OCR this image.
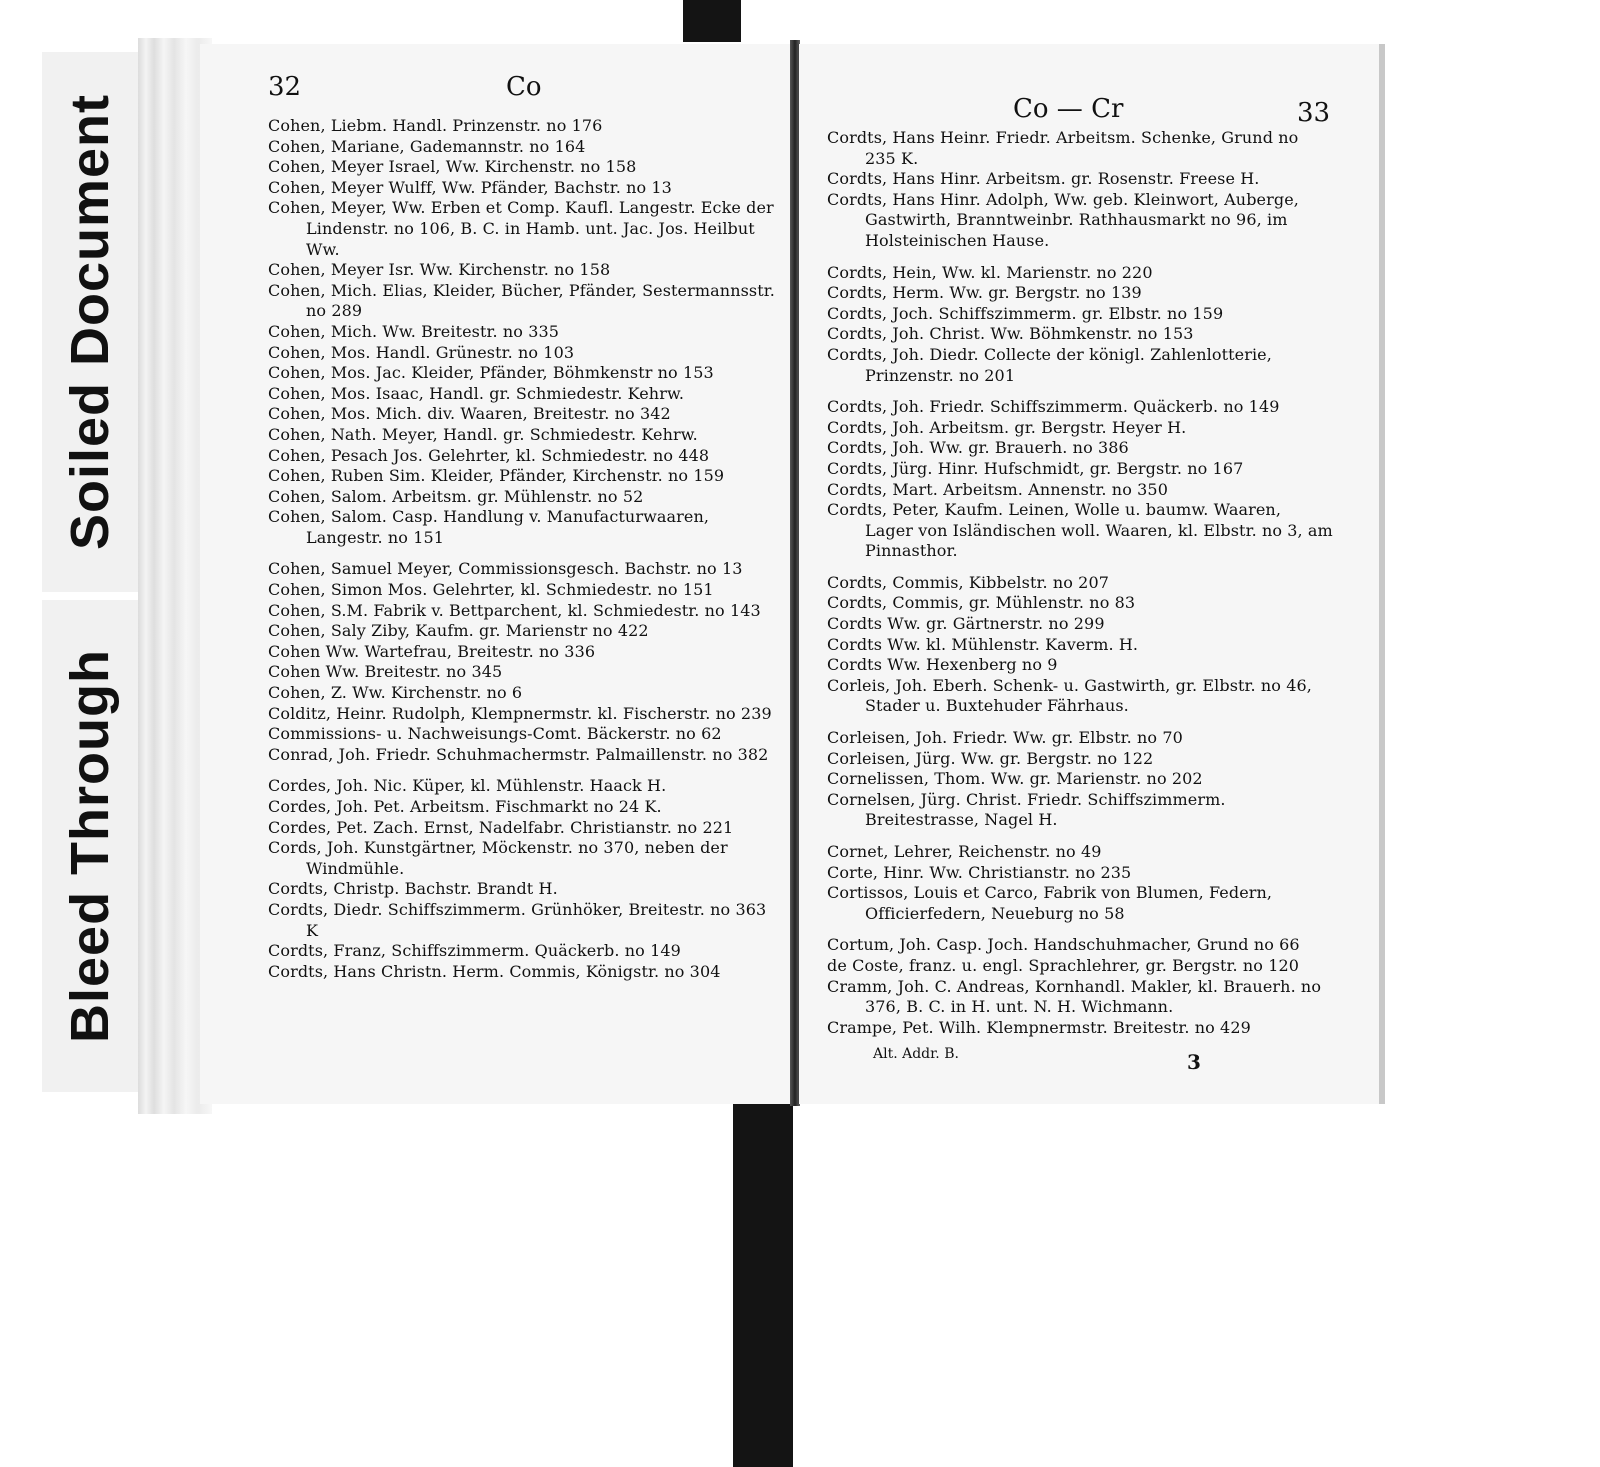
Soiled Document
Bleed Through
32	Co
Cohen, Liebm. Handl. Prinzenstr. no 176
Cohen, Mariane, Gademannstr. no 164
Cohen, Meyer Israel, Ww. Kirchenstr. no 158
Cohen, Meyer Wulff, Ww. Pfänder, Bachstr. no 13
Cohen, Meyer, Ww. Erben et Comp. Kaufl. Langestr. Ecke der Lindenstr. no 106, B. C. in Hamb. unt. Jac. Jos. Heilbut Ww.
Cohen, Meyer Isr. Ww. Kirchenstr. no 158
Cohen, Mich. Elias, Kleider, Bücher, Pfänder, Sestermannsstr. no 289
Cohen, Mich. Ww. Breitestr. no 335
Cohen, Mos. Handl. Grünestr. no 103
Cohen, Mos. Jac. Kleider, Pfänder, Böhmkenstr no 153
Cohen, Mos. Isaac, Handl. gr. Schmiedestr. Kehrw.
Cohen, Mos. Mich. div. Waaren, Breitestr. no 342
Cohen, Nath. Meyer, Handl. gr. Schmiedestr. Kehrw.
Cohen, Pesach Jos. Gelehrter, kl. Schmiedestr. no 448
Cohen, Ruben Sim. Kleider, Pfänder, Kirchenstr. no 159
Cohen, Salom. Arbeitsm. gr. Mühlenstr. no 52
Cohen, Salom. Casp. Handlung v. Manufacturwaaren, Langestr. no 151
Cohen, Samuel Meyer, Commissionsgesch. Bachstr. no 13
Cohen, Simon Mos. Gelehrter, kl. Schmiedestr. no 151
Cohen, S.M. Fabrik v. Bettparchent, kl. Schmiedestr. no 143
Cohen, Saly Ziby, Kaufm. gr. Marienstr no 422
Cohen Ww. Wartefrau, Breitestr. no 336
Cohen Ww. Breitestr. no 345
Cohen, Z. Ww. Kirchenstr. no 6
Colditz, Heinr. Rudolph, Klempnermstr. kl. Fischerstr. no 239
Commissions- u. Nachweisungs-Comt. Bäckerstr. no 62
Conrad, Joh. Friedr. Schuhmachermstr. Palmaillenstr. no 382
Cordes, Joh. Nic. Küper, kl. Mühlenstr. Haack H.
Cordes, Joh. Pet. Arbeitsm. Fischmarkt no 24 K.
Cordes, Pet. Zach. Ernst, Nadelfabr. Christianstr. no 221
Cords, Joh. Kunstgärtner, Möckenstr. no 370, neben der Windmühle.
Cordts, Christp. Bachstr. Brandt H.
Cordts, Diedr. Schiffszimmerm. Grünhöker, Breitestr. no 363 K
Cordts, Franz, Schiffszimmerm. Quäckerb. no 149
Cordts, Hans Christn. Herm. Commis, Königstr. no 304
Co — Cr	33
Cordts, Hans Heinr. Friedr. Arbeitsm. Schenke, Grund no 235 K.
Cordts, Hans Hinr. Arbeitsm. gr. Rosenstr. Freese H.
Cordts, Hans Hinr. Adolph, Ww. geb. Kleinwort, Auberge, Gastwirth, Branntweinbr. Rathhausmarkt no 96, im Holsteinischen Hause.
Cordts, Hein, Ww. kl. Marienstr. no 220
Cordts, Herm. Ww. gr. Bergstr. no 139
Cordts, Joch. Schiffszimmerm. gr. Elbstr. no 159
Cordts, Joh. Christ. Ww. Böhmkenstr. no 153
Cordts, Joh. Diedr. Collecte der königl. Zahlenlotterie, Prinzenstr. no 201
Cordts, Joh. Friedr. Schiffszimmerm. Quäckerb. no 149
Cordts, Joh. Arbeitsm. gr. Bergstr. Heyer H.
Cordts, Joh. Ww. gr. Brauerh. no 386
Cordts, Jürg. Hinr. Hufschmidt, gr. Bergstr. no 167
Cordts, Mart. Arbeitsm. Annenstr. no 350
Cordts, Peter, Kaufm. Leinen, Wolle u. baumw. Waaren, Lager von Isländischen woll. Waaren, kl. Elbstr. no 3, am Pinnasthor.
Cordts, Commis, Kibbelstr. no 207
Cordts, Commis, gr. Mühlenstr. no 83
Cordts Ww. gr. Gärtnerstr. no 299
Cordts Ww. kl. Mühlenstr. Kaverm. H.
Cordts Ww. Hexenberg no 9
Corleis, Joh. Eberh. Schenk- u. Gastwirth, gr. Elbstr. no 46, Stader u. Buxtehuder Fährhaus.
Corleisen, Joh. Friedr. Ww. gr. Elbstr. no 70
Corleisen, Jürg. Ww. gr. Bergstr. no 122
Cornelissen, Thom. Ww. gr. Marienstr. no 202
Cornelsen, Jürg. Christ. Friedr. Schiffszimmerm. Breitestrasse, Nagel H.
Cornet, Lehrer, Reichenstr. no 49
Corte, Hinr. Ww. Christianstr. no 235
Cortissos, Louis et Carco, Fabrik von Blumen, Federn, Officierfedern, Neueburg no 58
Cortum, Joh. Casp. Joch. Handschuhmacher, Grund no 66
de Coste, franz. u. engl. Sprachlehrer, gr. Bergstr. no 120
Cramm, Joh. C. Andreas, Kornhandl. Makler, kl. Brauerh. no 376, B. C. in H. unt. N. H. Wichmann.
Crampe, Pet. Wilh. Klempnermstr. Breitestr. no 429
Alt. Addr. B.	3
